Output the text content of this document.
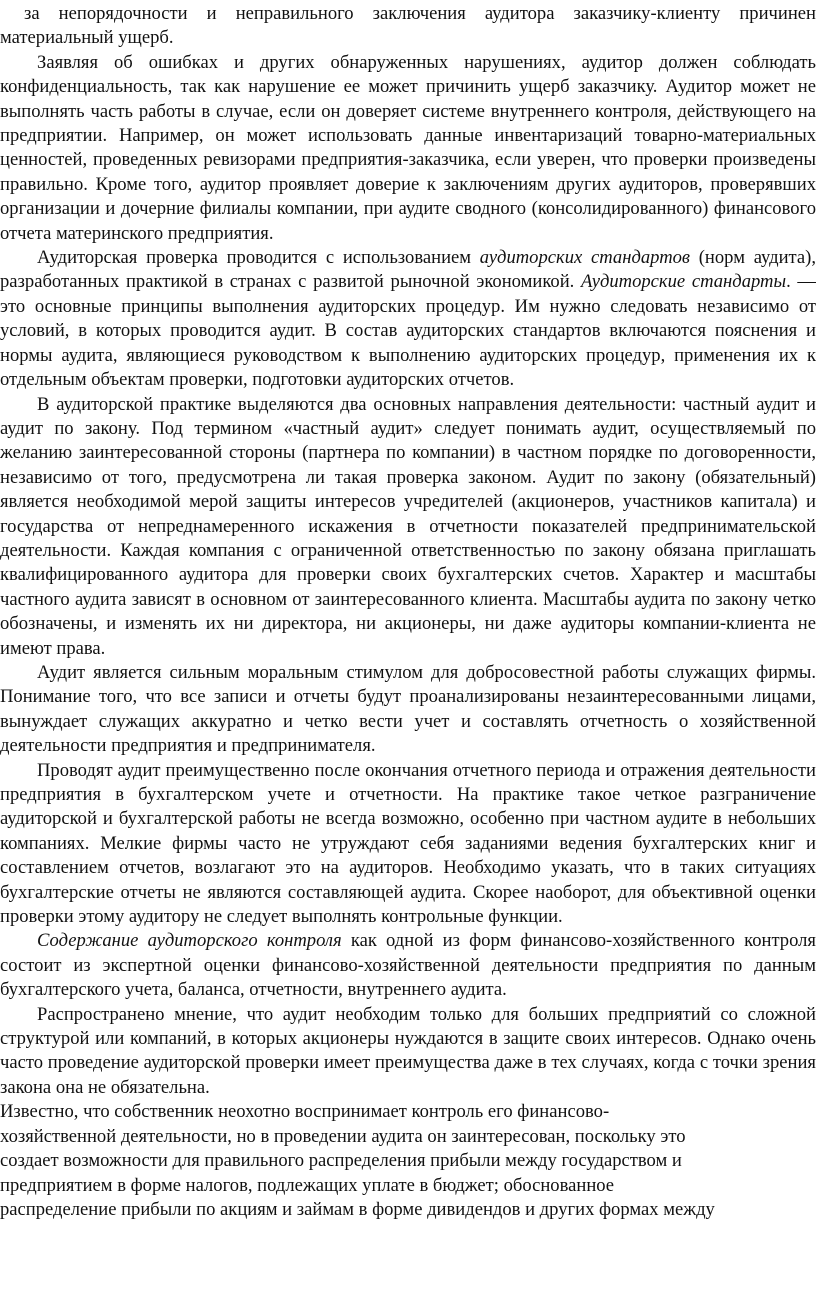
за непорядочности и неправильного заключения аудитора заказчику-клиенту причинен материальный ущерб.

Заявляя об ошибках и других обнаруженных нарушениях, аудитор должен соблюдать конфиденциальность, так как нарушение ее может причинить ущерб заказчику. Аудитор может не выполнять часть работы в случае, если он доверяет системе внутреннего контроля, действующего на предприятии. Например, он может использовать данные инвентаризаций товарно-материальных ценностей, проведенных ревизорами предприятия-заказчика, если уверен, что проверки произведены правильно. Кроме того, аудитор проявляет доверие к заключениям других аудиторов, проверявших организации и дочерние филиалы компании, при аудите сводного (консолидированного) финансового отчета материнского предприятия.

Аудиторская проверка проводится с использованием аудиторских стандартов (норм аудита), разработанных практикой в странах с развитой рыночной экономикой. Аудиторские стандарты. — это основные принципы выполнения аудиторских процедур. Им нужно следовать независимо от условий, в которых проводится аудит. В состав аудиторских стандартов включаются пояснения и нормы аудита, являющиеся руководством к выполнению аудиторских процедур, применения их к отдельным объектам проверки, подготовки аудиторских отчетов.

В аудиторской практике выделяются два основных направления деятельности: частный аудит и аудит по закону. Под термином «частный аудит» следует понимать аудит, осуществляемый по желанию заинтересованной стороны (партнера по компании) в частном порядке по договоренности, независимо от того, предусмотрена ли такая проверка законом. Аудит по закону (обязательный) является необходимой мерой защиты интересов учредителей (акционеров, участников капитала) и государства от непреднамеренного искажения в отчетности показателей предпринимательской деятельности. Каждая компания с ограниченной ответственностью по закону обязана приглашать квалифицированного аудитора для проверки своих бухгалтерских счетов. Характер и масштабы частного аудита зависят в основном от заинтересованного клиента. Масштабы аудита по закону четко обозначены, и изменять их ни директора, ни акционеры, ни даже аудиторы компании-клиента не имеют права.

Аудит является сильным моральным стимулом для добросовестной работы служащих фирмы. Понимание того, что все записи и отчеты будут проанализированы незаинтересованными лицами, вынуждает служащих аккуратно и четко вести учет и составлять отчетность о хозяйственной деятельности предприятия и предпринимателя.

Проводят аудит преимущественно после окончания отчетного периода и отражения деятельности предприятия в бухгалтерском учете и отчетности. На практике такое четкое разграничение аудиторской и бухгалтерской работы не всегда возможно, особенно при частном аудите в небольших компаниях. Мелкие фирмы часто не утруждают себя заданиями ведения бухгалтерских книг и составлением отчетов, возлагают это на аудиторов. Необходимо указать, что в таких ситуациях бухгалтерские отчеты не являются составляющей аудита. Скорее наоборот, для объективной оценки проверки этому аудитору не следует выполнять контрольные функции.

Содержание аудиторского контроля как одной из форм финансово-хозяйственного контроля состоит из экспертной оценки финансово-хозяйственной деятельности предприятия по данным бухгалтерского учета, баланса, отчетности, внутреннего аудита.

Распространено мнение, что аудит необходим только для больших предприятий со сложной структурой или компаний, в которых акционеры нуждаются в защите своих интересов. Однако очень часто проведение аудиторской проверки имеет преимущества даже в тех случаях, когда с точки зрения закона она не обязательна.

Известно, что собственник неохотно воспринимает контроль его финансово-
хозяйственной деятельности, но в проведении аудита он заинтересован, поскольку это
создает возможности для правильного распределения прибыли между государством и
предприятием в форме налогов, подлежащих уплате в бюджет; обоснованное
распределение прибыли по акциям и займам в форме дивидендов и других формах между
